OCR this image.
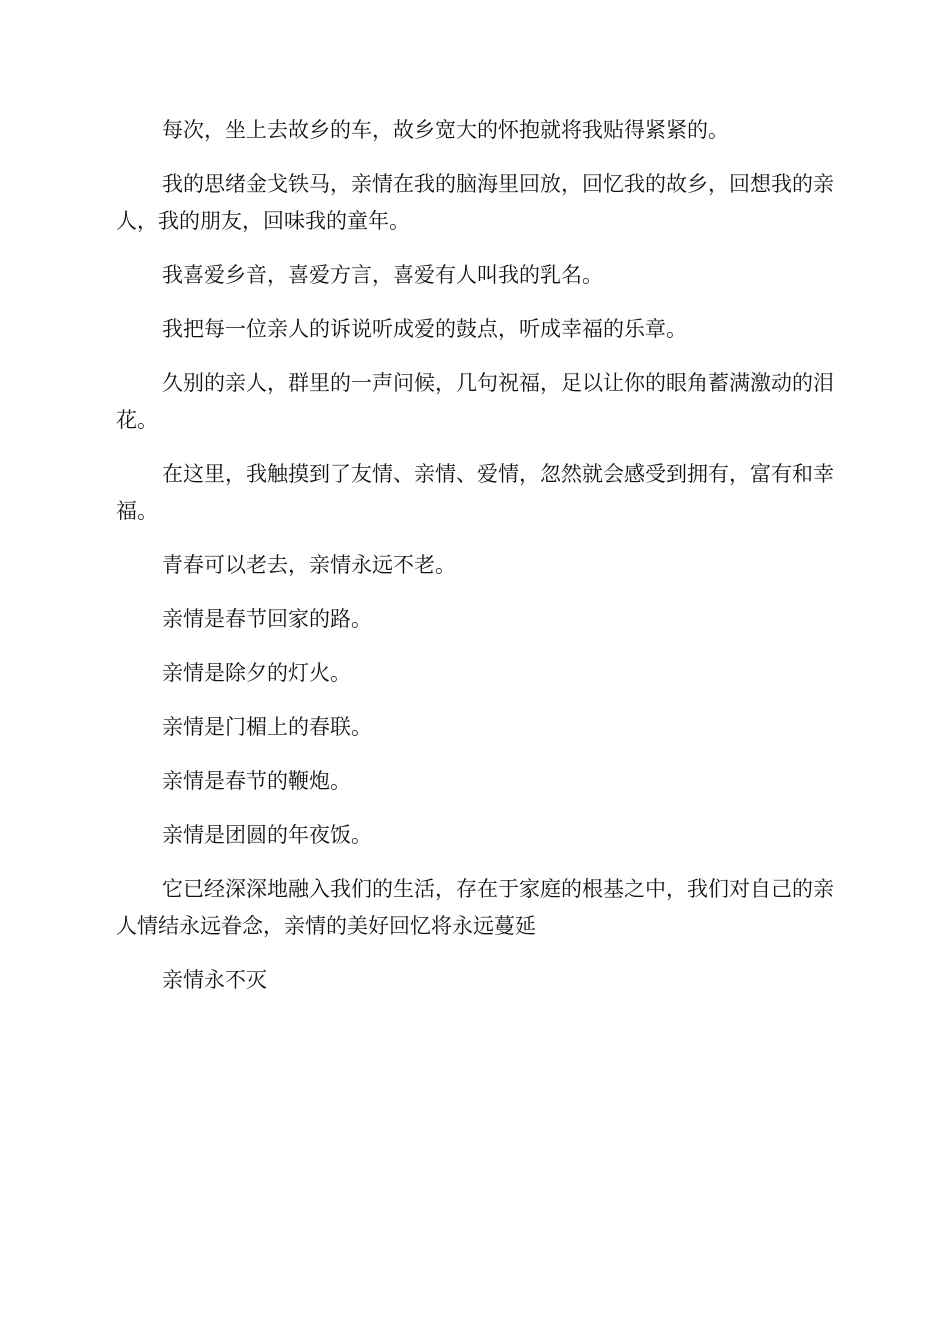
每次，坐上去故乡的车，故乡宽大的怀抱就将我贴得紧紧的。

我的思绪金戈铁马，亲情在我的脑海里回放，回忆我的故乡，回想我的亲人，我的朋友，回味我的童年。

我喜爱乡音，喜爱方言，喜爱有人叫我的乳名。

我把每一位亲人的诉说听成爱的鼓点，听成幸福的乐章。

久别的亲人，群里的一声问候，几句祝福，足以让你的眼角蓄满激动的泪花。

在这里，我触摸到了友情、亲情、爱情，忽然就会感受到拥有，富有和幸福。

青春可以老去，亲情永远不老。

亲情是春节回家的路。

亲情是除夕的灯火。

亲情是门楣上的春联。

亲情是春节的鞭炮。

亲情是团圆的年夜饭。

它已经深深地融入我们的生活，存在于家庭的根基之中，我们对自己的亲人情结永远眷念，亲情的美好回忆将永远蔓延

亲情永不灭
